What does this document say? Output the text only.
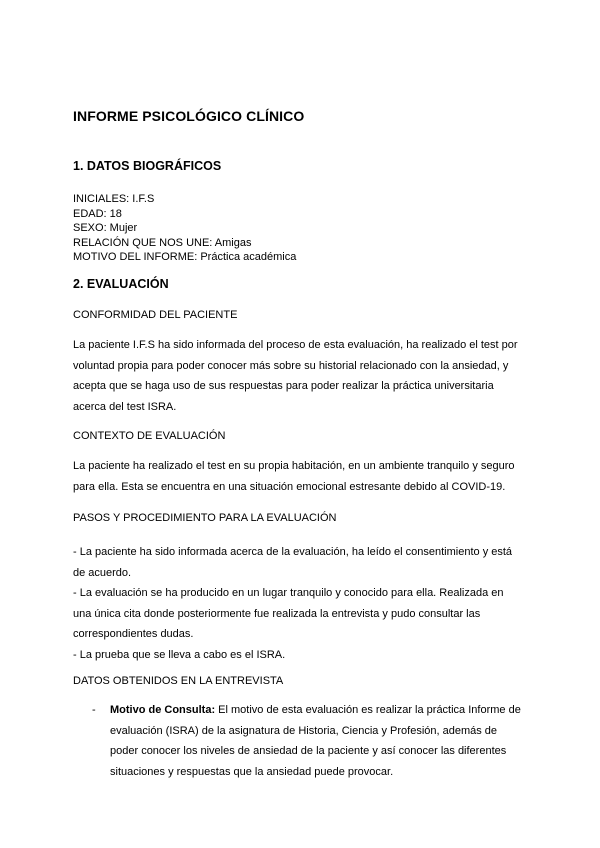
INFORME PSICOLÓGICO CLÍNICO
1. DATOS BIOGRÁFICOS
INICIALES: I.F.S
EDAD: 18
SEXO: Mujer
RELACIÓN QUE NOS UNE: Amigas
MOTIVO DEL INFORME: Práctica académica
2. EVALUACIÓN
CONFORMIDAD DEL PACIENTE
La paciente I.F.S ha sido informada del proceso de esta evaluación, ha realizado el test por
voluntad propia para poder conocer más sobre su historial relacionado con la ansiedad, y
acepta que se haga uso de sus respuestas para poder realizar la práctica universitaria
acerca del test ISRA.
CONTEXTO DE EVALUACIÓN
La paciente ha realizado el test en su propia habitación, en un ambiente tranquilo y seguro
para ella. Esta se encuentra en una situación emocional estresante debido al COVID-19.
PASOS Y PROCEDIMIENTO PARA LA EVALUACIÓN
- La paciente ha sido informada acerca de la evaluación, ha leído el consentimiento y está
de acuerdo.
- La evaluación se ha producido en un lugar tranquilo y conocido para ella. Realizada en
una única cita donde posteriormente fue realizada la entrevista y pudo consultar las
correspondientes dudas.
- La prueba que se lleva a cabo es el ISRA.
DATOS OBTENIDOS EN LA ENTREVISTA
- Motivo de Consulta: El motivo de esta evaluación es realizar la práctica Informe de
evaluación (ISRA) de la asignatura de Historia, Ciencia y Profesión, además de
poder conocer los niveles de ansiedad de la paciente y así conocer las diferentes
situaciones y respuestas que la ansiedad puede provocar.
